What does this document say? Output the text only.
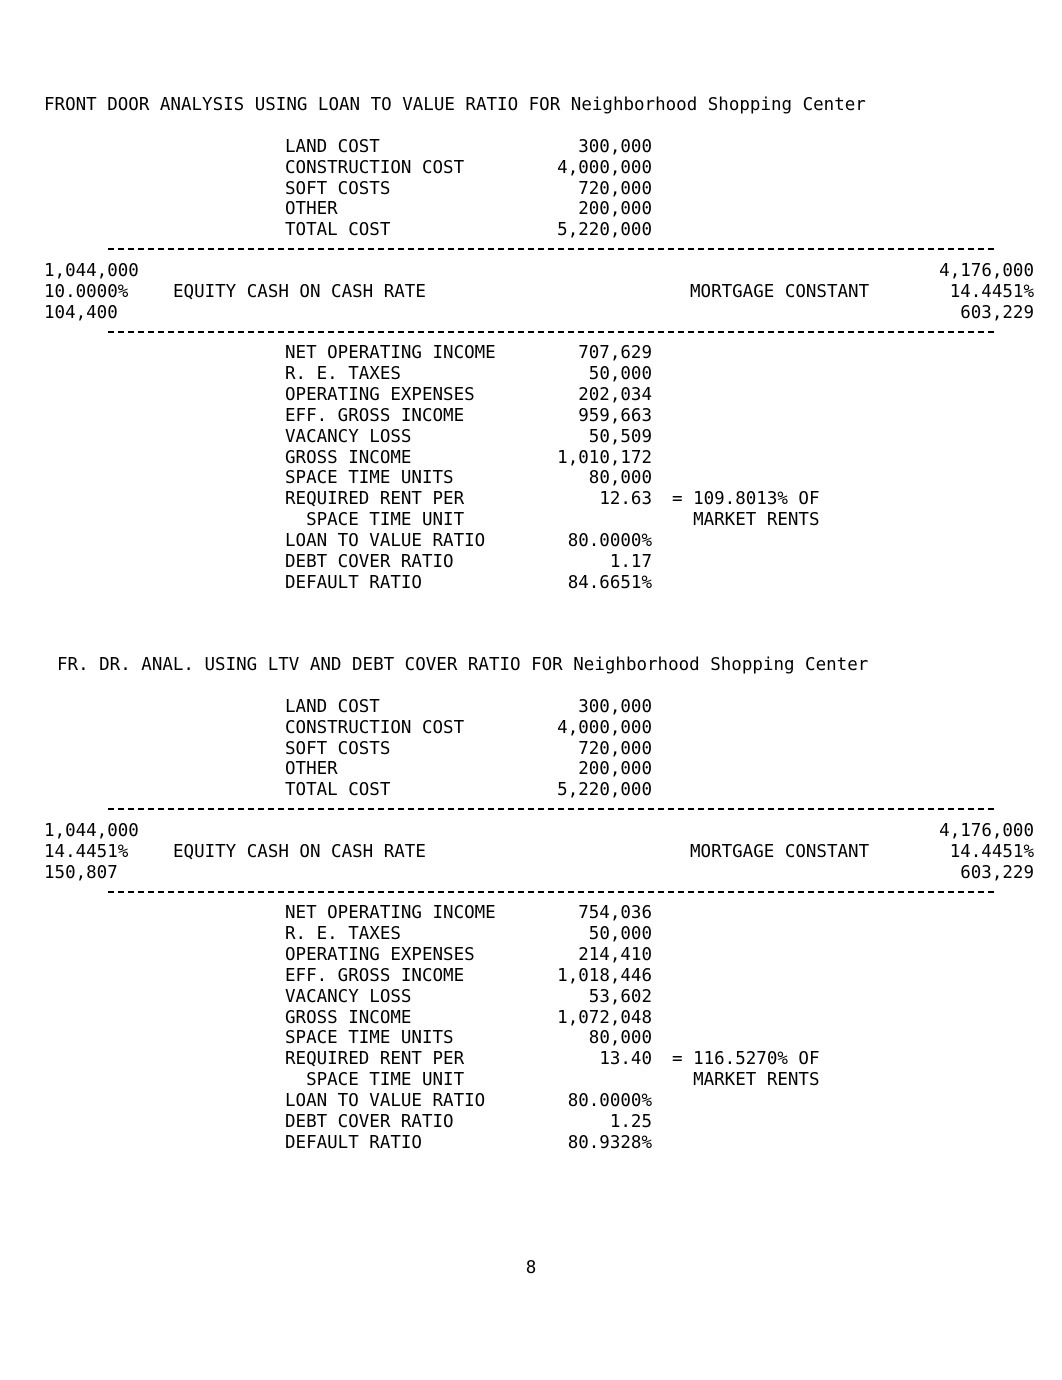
FRONT DOOR ANALYSIS USING LOAN TO VALUE RATIO FOR Neighborhood Shopping Center
LAND COST	300,000
CONSTRUCTION COST	4,000,000
SOFT COSTS	720,000
OTHER	200,000
TOTAL COST	5,220,000
1,044,000	4,176,000
10.0000%	EQUITY CASH ON CASH RATE	MORTGAGE CONSTANT	14.4451%
104,400	603,229
NET OPERATING INCOME	707,629
R. E. TAXES	50,000
OPERATING EXPENSES	202,034
EFF. GROSS INCOME	959,663
VACANCY LOSS	50,509
GROSS INCOME	1,010,172
SPACE TIME UNITS	80,000
REQUIRED RENT PER	12.63 = 109.8013% OF
SPACE TIME UNIT	MARKET RENTS
LOAN TO VALUE RATIO	80.0000%
DEBT COVER RATIO	1.17
DEFAULT RATIO	84.6651%
FR. DR. ANAL. USING LTV AND DEBT COVER RATIO FOR Neighborhood Shopping Center
LAND COST	300,000
CONSTRUCTION COST	4,000,000
SOFT COSTS	720,000
OTHER	200,000
TOTAL COST	5,220,000
1,044,000	4,176,000
14.4451%	EQUITY CASH ON CASH RATE	MORTGAGE CONSTANT	14.4451%
150,807	603,229
NET OPERATING INCOME	754,036
R. E. TAXES	50,000
OPERATING EXPENSES	214,410
EFF. GROSS INCOME	1,018,446
VACANCY LOSS	53,602
GROSS INCOME	1,072,048
SPACE TIME UNITS	80,000
REQUIRED RENT PER	13.40 = 116.5270% OF
SPACE TIME UNIT	MARKET RENTS
LOAN TO VALUE RATIO	80.0000%
DEBT COVER RATIO	1.25
DEFAULT RATIO	80.9328%
8
